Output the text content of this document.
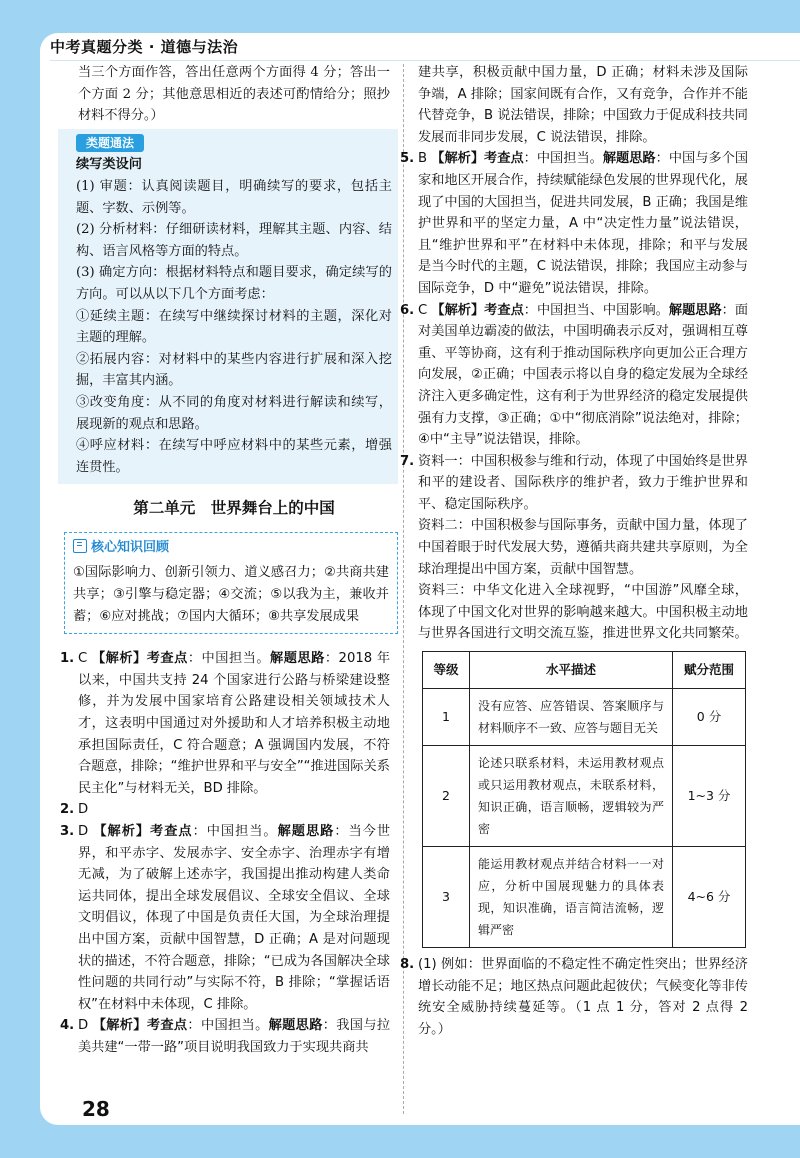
中考真题分类 · 道德与法治

当三个方面作答，答出任意两个方面得 4 分；答出一个方面 2 分；其他意思相近的表述可酌情给分；照抄材料不得分。）

类题通法

续写类设问

(1) 审题：认真阅读题目，明确续写的要求，包括主题、字数、示例等。

(2) 分析材料：仔细研读材料，理解其主题、内容、结构、语言风格等方面的特点。

(3) 确定方向：根据材料特点和题目要求，确定续写的方向。可以从以下几个方面考虑：

①延续主题：在续写中继续探讨材料的主题，深化对主题的理解。

②拓展内容：对材料中的某些内容进行扩展和深入挖掘，丰富其内涵。

③改变角度：从不同的角度对材料进行解读和续写，展现新的观点和思路。

④呼应材料：在续写中呼应材料中的某些元素，增强连贯性。

第二单元　世界舞台上的中国
核心知识回顾
①国际影响力、创新引领力、道义感召力；②共商共建共享；③引擎与稳定器；④交流；⑤以我为主，兼收并蓄；⑥应对挑战；⑦国内大循环；⑧共享发展成果
1. C 【解析】考查点：中国担当。解题思路：2018 年以来，中国共支持 24 个国家进行公路与桥梁建设整修，并为发展中国家培育公路建设相关领域技术人才，这表明中国通过对外援助和人才培养积极主动地承担国际责任，C 符合题意；A 强调国内发展，不符合题意，排除；“维护世界和平与安全”“推进国际关系民主化”与材料无关，BD 排除。
2. D
3. D 【解析】考查点：中国担当。解题思路：当今世界，和平赤字、发展赤字、安全赤字、治理赤字有增无减，为了破解上述赤字，我国提出推动构建人类命运共同体，提出全球发展倡议、全球安全倡议、全球文明倡议，体现了中国是负责任大国，为全球治理提出中国方案，贡献中国智慧，D 正确；A 是对问题现状的描述，不符合题意，排除；“已成为各国解决全球性问题的共同行动”与实际不符，B 排除；“掌握话语权”在材料中未体现，C 排除。
4. D 【解析】考查点：中国担当。解题思路：我国与拉美共建“一带一路”项目说明我国致力于实现共商共

建共享，积极贡献中国力量，D 正确；材料未涉及国际争端，A 排除；国家间既有合作，又有竞争，合作并不能代替竞争，B 说法错误，排除；中国致力于促成科技共同发展而非同步发展，C 说法错误，排除。

5. B 【解析】考查点：中国担当。解题思路：中国与多个国家和地区开展合作，持续赋能绿色发展的世界现代化，展现了中国的大国担当，促进共同发展，B 正确；我国是维护世界和平的坚定力量，A 中“决定性力量”说法错误，且“维护世界和平”在材料中未体现，排除；和平与发展是当今时代的主题，C 说法错误，排除；我国应主动参与国际竞争，D 中“避免”说法错误，排除。
6. C 【解析】考查点：中国担当、中国影响。解题思路：面对美国单边霸凌的做法，中国明确表示反对，强调相互尊重、平等协商，这有利于推动国际秩序向更加公正合理方向发展，②正确；中国表示将以自身的稳定发展为全球经济注入更多确定性，这有利于为世界经济的稳定发展提供强有力支撑，③正确；①中“彻底消除”说法绝对，排除；④中“主导”说法错误，排除。
7. 资料一：中国积极参与维和行动，体现了中国始终是世界和平的建设者、国际秩序的维护者，致力于维护世界和平、稳定国际秩序。

资料二：中国积极参与国际事务，贡献中国力量，体现了中国着眼于时代发展大势，遵循共商共建共享原则，为全球治理提出中国方案，贡献中国智慧。

资料三：中华文化进入全球视野，“中国游”风靡全球，体现了中国文化对世界的影响越来越大。中国积极主动地与世界各国进行文明交流互鉴，推进世界文化共同繁荣。

等级	水平描述	赋分范围
1	没有应答、应答错误、答案顺序与材料顺序不一致、应答与题目无关	0 分
2	论述只联系材料，未运用教材观点或只运用教材观点，未联系材料，知识正确，语言顺畅，逻辑较为严密	1~3 分
3	能运用教材观点并结合材料一一对应，分析中国展现魅力的具体表现，知识准确，语言简洁流畅，逻辑严密	4~6 分
8. (1) 例如：世界面临的不稳定性不确定性突出；世界经济增长动能不足；地区热点问题此起彼伏；气候变化等非传统安全威胁持续蔓延等。（1 点 1 分，答对 2 点得 2 分。）
28
